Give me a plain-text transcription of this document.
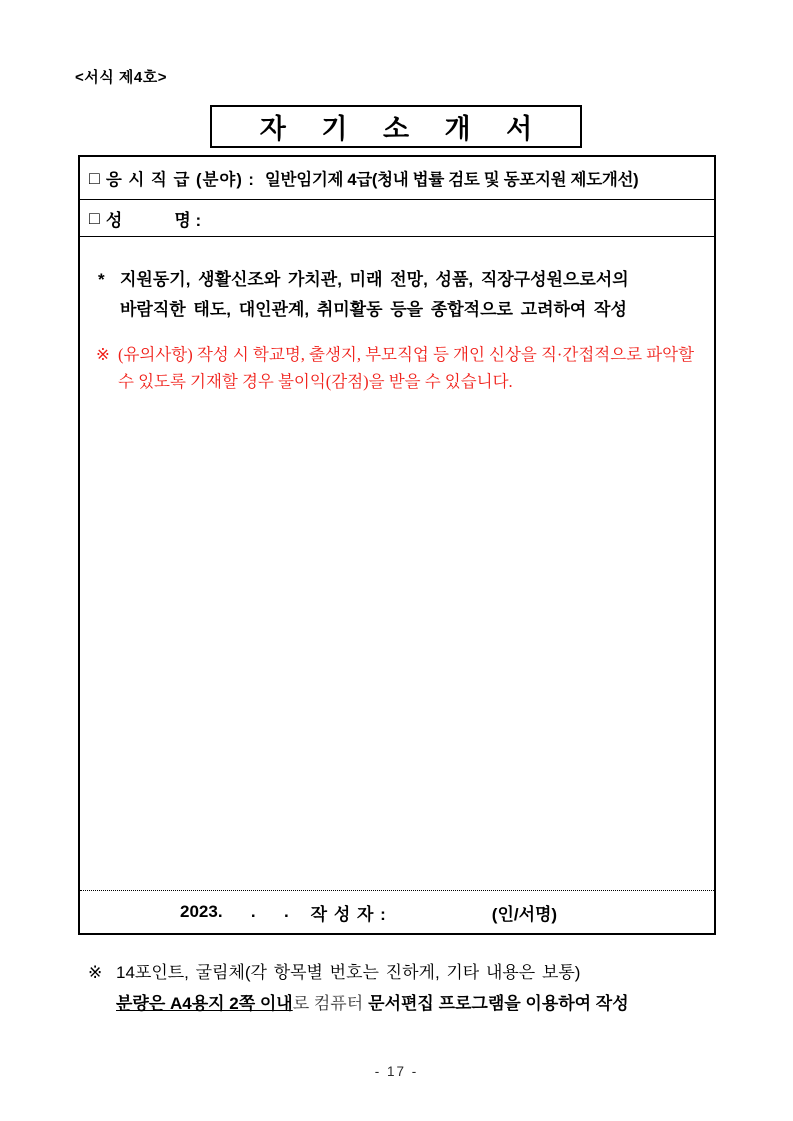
<서식 제4호>
자 기 소 개 서
□ 응 시 직 급 (분야) : 일반임기제 4급(청내 법률 검토 및 동포지원 제도개선)
□ 성	명 :
* 지원동기, 생활신조와 가치관, 미래 전망, 성품, 직장구성원으로서의
바람직한 태도, 대인관계, 취미활동 등을 종합적으로 고려하여 작성
※ (유의사항) 작성 시 학교명, 출생지, 부모직업 등 개인 신상을 직·간접적으로 파악할
수 있도록 기재할 경우 불이익(감점)을 받을 수 있습니다.
2023.      .      . 작 성 자 :	(인/서명)
※ 14포인트, 굴림체(각 항목별 번호는 진하게, 기타 내용은 보통)
분량은 A4용지 2쪽 이내로 컴퓨터 문서편집 프로그램을 이용하여 작성
- 17 -
